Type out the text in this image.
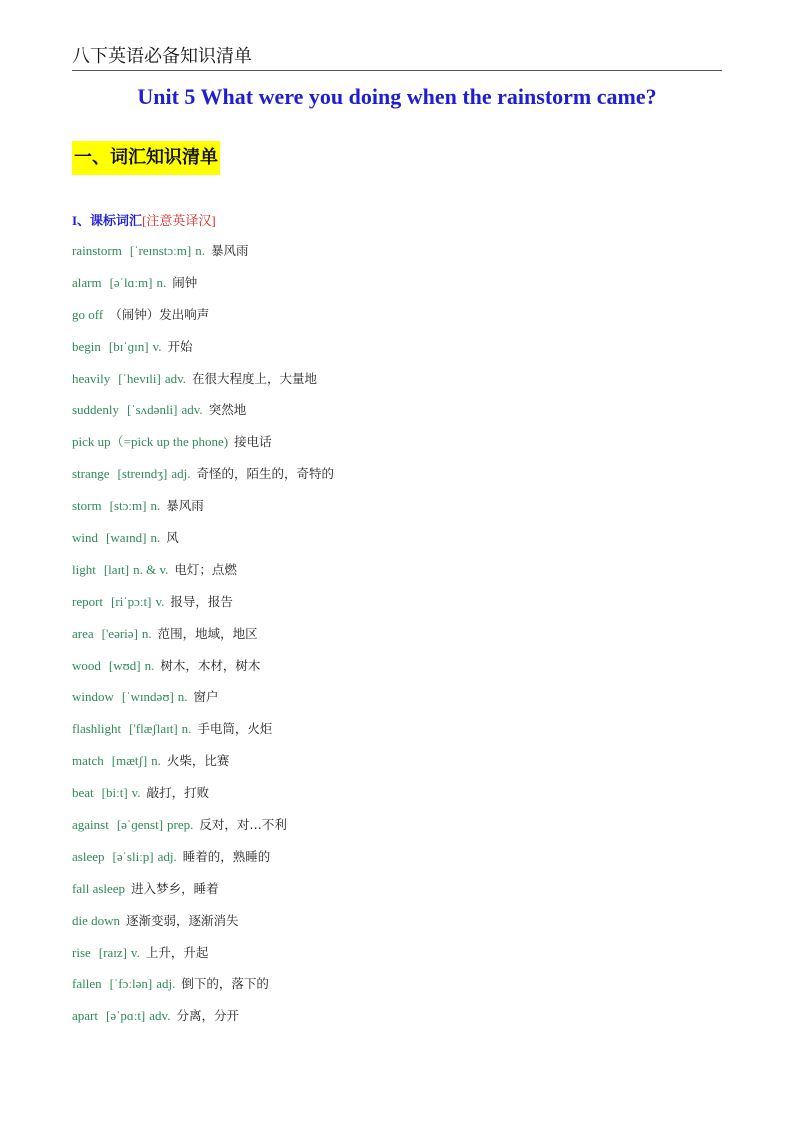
八下英语必备知识清单
Unit 5 What were you doing when the rainstorm came?
一、词汇知识清单
I、课标词汇[注意英译汉]
rainstorm [ˈreɪnstɔːm] n. 暴风雨
alarm [əˈlɑːm] n. 闹钟
go off （闹钟）发出响声
begin [bɪˈɡɪn] v. 开始
heavily [ˈhevɪli] adv. 在很大程度上，大量地
suddenly [ˈsʌdənli] adv. 突然地
pick up（=pick up the phone) 接电话
strange [streɪndʒ] adj. 奇怪的，陌生的，奇特的
storm [stɔːm] n. 暴风雨
wind [waɪnd] n. 风
light [laɪt] n. & v. 电灯；点燃
report [riˈpɔːt] v. 报导，报告
area ['eəriə] n. 范围，地域，地区
wood [wʊd] n. 树木，木材，树木
window [ˈwɪndəʊ] n. 窗户
flashlight ['flæʃlaɪt] n. 手电筒，火炬
match [mætʃ] n. 火柴，比赛
beat [biːt] v. 敲打，打败
against [əˈɡenst] prep. 反对，对…不利
asleep [əˈsliːp] adj. 睡着的，熟睡的
fall asleep 进入梦乡，睡着
die down 逐渐变弱，逐渐消失
rise [raɪz] v. 上升，升起
fallen [ˈfɔːlən] adj. 倒下的，落下的
apart [əˈpɑːt] adv. 分离，分开
